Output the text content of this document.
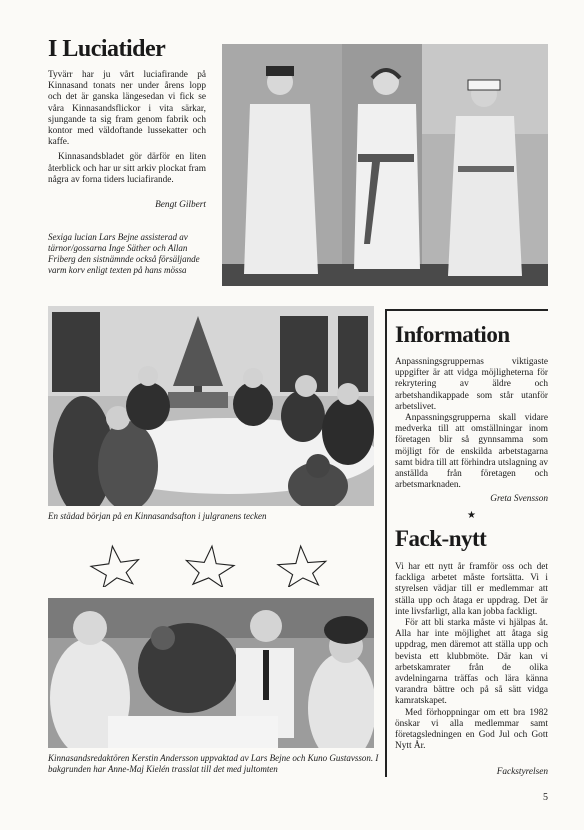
I Luciatider

Tyvärr har ju vårt luciafirande på Kinnasand tonats ner under årens lopp och det är ganska längesedan vi fick se våra Kinnasandsflickor i vita särkar, sjungande ta sig fram genom fabrik och kontor med väldoftande lussekatter och kaffe.

Kinnasandsbladet gör därför en liten återblick och har ur sitt arkiv plockat fram några av forna tiders luciafirande.

Bengt Gilbert

Sexiga lucian Lars Bejne assisterad av tärnor/gossarna Inge Säther och Allan Friberg den sistnämnde också försäljande varm korv enligt texten på hans mössa

En städad början på en Kinnasandsafton i julgranens tecken

Kinnasandsredaktören Kerstin Andersson uppvaktad av Lars Bejne och Kuno Gustavsson. I bakgrunden har Anne-Maj Kielén trasslat till det med jultomten

Information

Anpassningsgruppernas viktigaste uppgifter är att vidga möjligheterna för rekrytering av äldre och arbetshandikappade som står utanför arbetslivet.

Anpassningsgrupperna skall vidare medverka till att omställningar inom företagen blir så gynnsamma som möjligt för de enskilda arbetstagarna samt bidra till att förhindra utslagning av anställda från företagen och arbetsmarknaden.

Greta Svensson
★
Fack-nytt

Vi har ett nytt år framför oss och det fackliga arbetet måste fortsätta. Vi i styrelsen vädjar till er medlemmar att ställa upp och åtaga er uppdrag. Det är inte livsfarligt, alla kan jobba fackligt.

För att bli starka måste vi hjälpas åt. Alla har inte möjlighet att åtaga sig uppdrag, men däremot att ställa upp och bevista ett klubbmöte. Där kan vi arbetskamrater från de olika avdelningarna träffas och lära känna varandra bättre och på så sätt vidga kamratskapet.

Med förhoppningar om ett bra 1982 önskar vi alla medlemmar samt företagsledningen en God Jul och Gott Nytt År.

Fackstyrelsen
5
